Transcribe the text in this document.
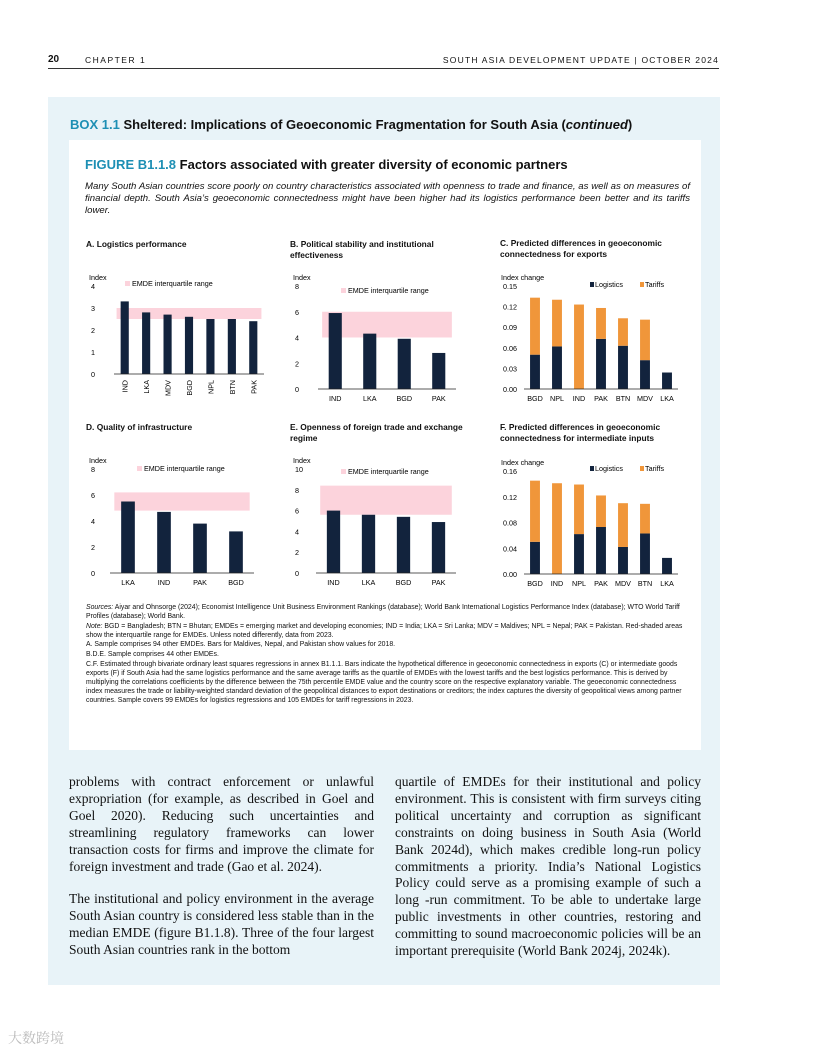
20	CHAPTER 1	SOUTH ASIA DEVELOPMENT UPDATE | OCTOBER 2024
BOX 1.1 Sheltered: Implications of Geoeconomic Fragmentation for South Asia (continued)
FIGURE B1.1.8 Factors associated with greater diversity of economic partners
Many South Asian countries score poorly on country characteristics associated with openness to trade and finance, as well as on measures of financial depth. South Asia’s geoeconomic connectedness might have been higher had its logistics performance been better and its tariffs lower.
A. Logistics performance	B. Political stability and institutional effectiveness
C. Predicted differences in geoeconomic connectedness for exports
D. Quality of infrastructure	E. Openness of foreign trade and exchange regime
F. Predicted differences in geoeconomic connectedness for intermediate inputs
Index
0
1
2
3
4
IND LKA MDV BGD NPL BTN PAK
EMDE interquartile range
Index
0
2
4
6
8
IND	LKA	BGD	PAK
EMDE interquartile range
Index change
0.00
0.03
0.06
0.09
0.12
0.15
BGD NPL IND PAK BTN MDV LKA
Logistics	Tariffs
Index
0
2
4
6
8
LKA	IND	PAK	BGD
EMDE interquartile range
Index
0
2
4
6
8
10
IND	LKA	BGD	PAK
EMDE interquartile range
Index change
0.00
0.04
0.08
0.12
0.16
BGD IND NPL PAK MDV BTN LKA
Logistics	Tariffs

Sources: Aiyar and Ohnsorge (2024); Economist Intelligence Unit Business Environment Rankings (database); World Bank International Logistics Performance Index (database); WTO World Tariff Profiles (database); World Bank.

Note: BGD = Bangladesh; BTN = Bhutan; EMDEs = emerging market and developing economies; IND = India; LKA = Sri Lanka; MDV = Maldives; NPL = Nepal; PAK = Pakistan. Red-shaded areas show the interquartile range for EMDEs. Unless noted differently, data from 2023.

A. Sample comprises 94 other EMDEs. Bars for Maldives, Nepal, and Pakistan show values for 2018.

B.D.E. Sample comprises 44 other EMDEs.

C.F. Estimated through bivariate ordinary least squares regressions in annex B1.1.1. Bars indicate the hypothetical difference in geoeconomic connectedness in exports (C) or intermediate goods exports (F) if South Asia had the same logistics performance and the same average tariffs as the quartile of EMDEs with the lowest tariffs and the best logistics performance. This is derived by multiplying the correlations coefficients by the difference between the 75th percentile EMDE value and the country score on the respective explanatory variable. The geoeconomic connectedness index measures the trade or liability-weighted standard deviation of the geopolitical distances to export destinations or creditors; the index captures the diversity of geopolitical views among partner countries. Sample covers 99 EMDEs for logistics regressions and 105 EMDEs for tariff regressions in 2023.

problems with contract enforcement or unlawful expropriation (for example, as described in Goel and Goel 2020). Reducing such uncertainties and streamlining regulatory frameworks can lower transaction costs for firms and improve the climate for foreign investment and trade (Gao et al. 2024).

The institutional and policy environment in the average South Asian country is considered less stable than in the median EMDE (figure B1.1.8). Three of the four largest South Asian countries rank in the bottom

quartile of EMDEs for their institutional and policy environment. This is consistent with firm surveys citing political uncertainty and corruption as significant constraints on doing business in South Asia (World Bank 2024d), which makes credible long-run policy commitments a priority. India’s National Logistics Policy could serve as a promising example of such a long -run commitment. To be able to undertake large public investments in other countries, restoring and committing to sound macroeconomic policies will be an important prerequisite (World Bank 2024j, 2024k).

大数跨境
